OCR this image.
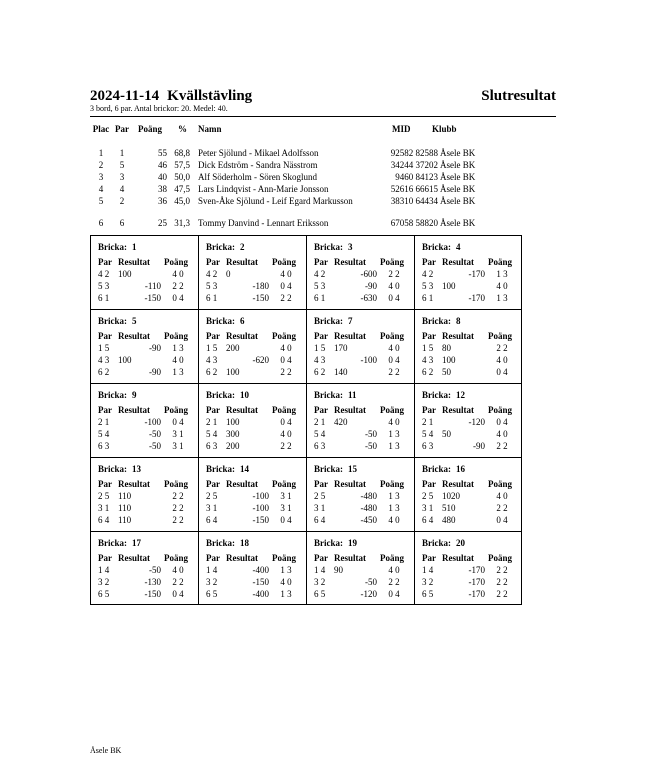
2024-11-14 Kvällstävling	Slutresultat
3 bord, 6 par. Antal brickor: 20. Medel: 40.
Plac Par	Poäng % Namn	MID Klubb
1	1	55 68,8 Peter Sjölund - Mikael Adolfsson	92582 82588 Åsele BK
2	5	46 57,5 Dick Edström - Sandra Nässtrom	34244 37202 Åsele BK
3	3	40 50,0 Alf Söderholm - Sören Skoglund	9460 84123 Åsele BK
4	4	38 47,5 Lars Lindqvist - Ann-Marie Jonsson	52616 66615 Åsele BK
5	2	36 45,0 Sven-Åke Sjölund - Leif Egard Markusson	38310 64434 Åsele BK
6	6	25 31,3 Tommy Danvind - Lennart Eriksson	67058 58820 Åsele BK
Bricka: 1
Par Resultat Poäng
4 2 100	4 0
5 3	-110	2 2
6 1	-150	0 4
Bricka: 2
Par Resultat Poäng
4 2 0	4 0
5 3	-180	0 4
6 1	-150	2 2
Bricka: 3
Par Resultat Poäng
4 2	-600	2 2
5 3	-90	4 0
6 1	-630	0 4
Bricka: 4
Par Resultat Poäng
4 2	-170	1 3
5 3 100	4 0
6 1	-170	1 3
Bricka: 5
Par Resultat Poäng
1 5	-90	1 3
4 3 100	4 0
6 2	-90	1 3
Bricka: 6
Par Resultat Poäng
1 5 200	4 0
4 3	-620	0 4
6 2 100	2 2
Bricka: 7
Par Resultat Poäng
1 5 170	4 0
4 3	-100	0 4
6 2 140	2 2
Bricka: 8
Par Resultat Poäng
1 5 80	2 2
4 3 100	4 0
6 2 50	0 4
Bricka: 9
Par Resultat Poäng
2 1	-100	0 4
5 4	-50	3 1
6 3	-50	3 1
Bricka: 10
Par Resultat Poäng
2 1 100	0 4
5 4 300	4 0
6 3 200	2 2
Bricka: 11
Par Resultat Poäng
2 1 420	4 0
5 4	-50	1 3
6 3	-50	1 3
Bricka: 12
Par Resultat Poäng
2 1	-120	0 4
5 4 50	4 0
6 3	-90	2 2
Bricka: 13
Par Resultat Poäng
2 5 110	2 2
3 1 110	2 2
6 4 110	2 2
Bricka: 14
Par Resultat Poäng
2 5	-100	3 1
3 1	-100	3 1
6 4	-150	0 4
Bricka: 15
Par Resultat Poäng
2 5	-480	1 3
3 1	-480	1 3
6 4	-450	4 0
Bricka: 16
Par Resultat Poäng
2 5 1020	4 0
3 1 510	2 2
6 4 480	0 4
Bricka: 17
Par Resultat Poäng
1 4	-50	4 0
3 2	-130	2 2
6 5	-150	0 4
Bricka: 18
Par Resultat Poäng
1 4	-400	1 3
3 2	-150	4 0
6 5	-400	1 3
Bricka: 19
Par Resultat Poäng
1 4 90	4 0
3 2	-50	2 2
6 5	-120	0 4
Bricka: 20
Par Resultat Poäng
1 4	-170	2 2
3 2	-170	2 2
6 5	-170	2 2
Åsele BK
